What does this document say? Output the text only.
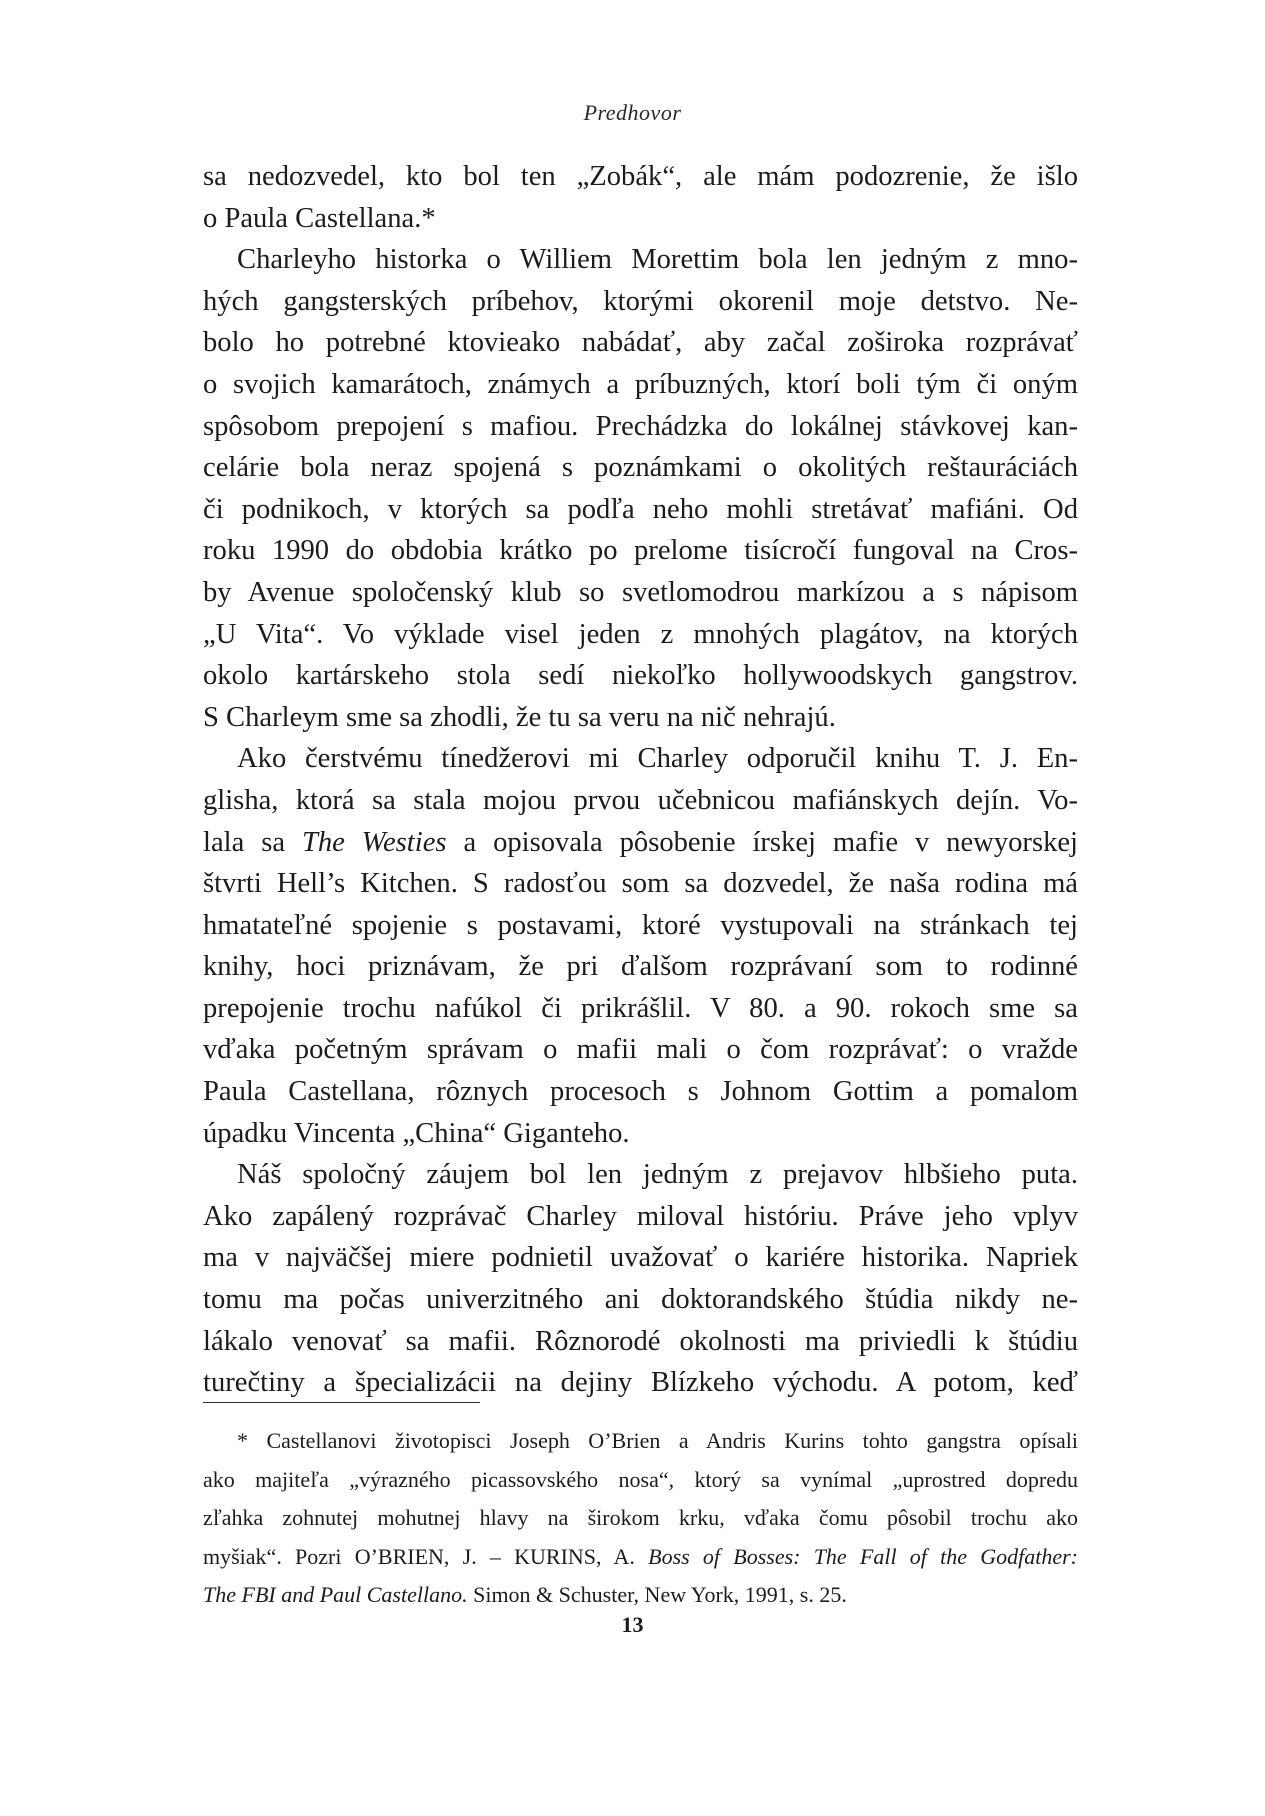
Predhovor

sa nedozvedel, kto bol ten „Zobák“, ale mám podozrenie, že išlo
o Paula Castellana.*

Charleyho historka o Williem Morettim bola len jedným z mno-
hých gangsterských príbehov, ktorými okorenil moje detstvo. Ne-
bolo ho potrebné ktovieako nabádať, aby začal zoširoka rozprávať
o svojich kamarátoch, známych a príbuzných, ktorí boli tým či oným
spôsobom prepojení s mafiou. Prechádzka do lokálnej stávkovej kan-
celárie bola neraz spojená s poznámkami o okolitých reštauráciách
či podnikoch, v ktorých sa podľa neho mohli stretávať mafiáni. Od
roku 1990 do obdobia krátko po prelome tisícročí fungoval na Cros-
by Avenue spoločenský klub so svetlomodrou markízou a s nápisom
„U Vita“. Vo výklade visel jeden z mnohých plagátov, na ktorých
okolo kartárskeho stola sedí niekoľko hollywoodskych gangstrov.
S Charleym sme sa zhodli, že tu sa veru na nič nehrajú.

Ako čerstvému tínedžerovi mi Charley odporučil knihu T. J. En-
glisha, ktorá sa stala mojou prvou učebnicou mafiánskych dejín. Vo-
lala sa The Westies a opisovala pôsobenie írskej mafie v newyorskej
štvrti Hell’s Kitchen. S radosťou som sa dozvedel, že naša rodina má
hmatateľné spojenie s postavami, ktoré vystupovali na stránkach tej
knihy, hoci priznávam, že pri ďalšom rozprávaní som to rodinné
prepojenie trochu nafúkol či prikrášlil. V 80. a 90. rokoch sme sa
vďaka početným správam o mafii mali o čom rozprávať: o vražde
Paula Castellana, rôznych procesoch s Johnom Gottim a pomalom
úpadku Vincenta „China“ Giganteho.

Náš spoločný záujem bol len jedným z prejavov hlbšieho puta.
Ako zapálený rozprávač Charley miloval históriu. Práve jeho vplyv
ma v najväčšej miere podnietil uvažovať o kariére historika. Napriek
tomu ma počas univerzitného ani doktorandského štúdia nikdy ne-
lákalo venovať sa mafii. Rôznorodé okolnosti ma priviedli k štúdiu
turečtiny a špecializácii na dejiny Blízkeho východu. A potom, keď

* Castellanovi životopisci Joseph O’Brien a Andris Kurins tohto gangstra opísali
ako majiteľa „výrazného picassovského nosa“, ktorý sa vynímal „uprostred dopredu
zľahka zohnutej mohutnej hlavy na širokom krku, vďaka čomu pôsobil trochu ako
myšiak“. Pozri O’BRIEN, J. – KURINS, A. Boss of Bosses: The Fall of the Godfather:
The FBI and Paul Castellano. Simon & Schuster, New York, 1991, s. 25.
13
